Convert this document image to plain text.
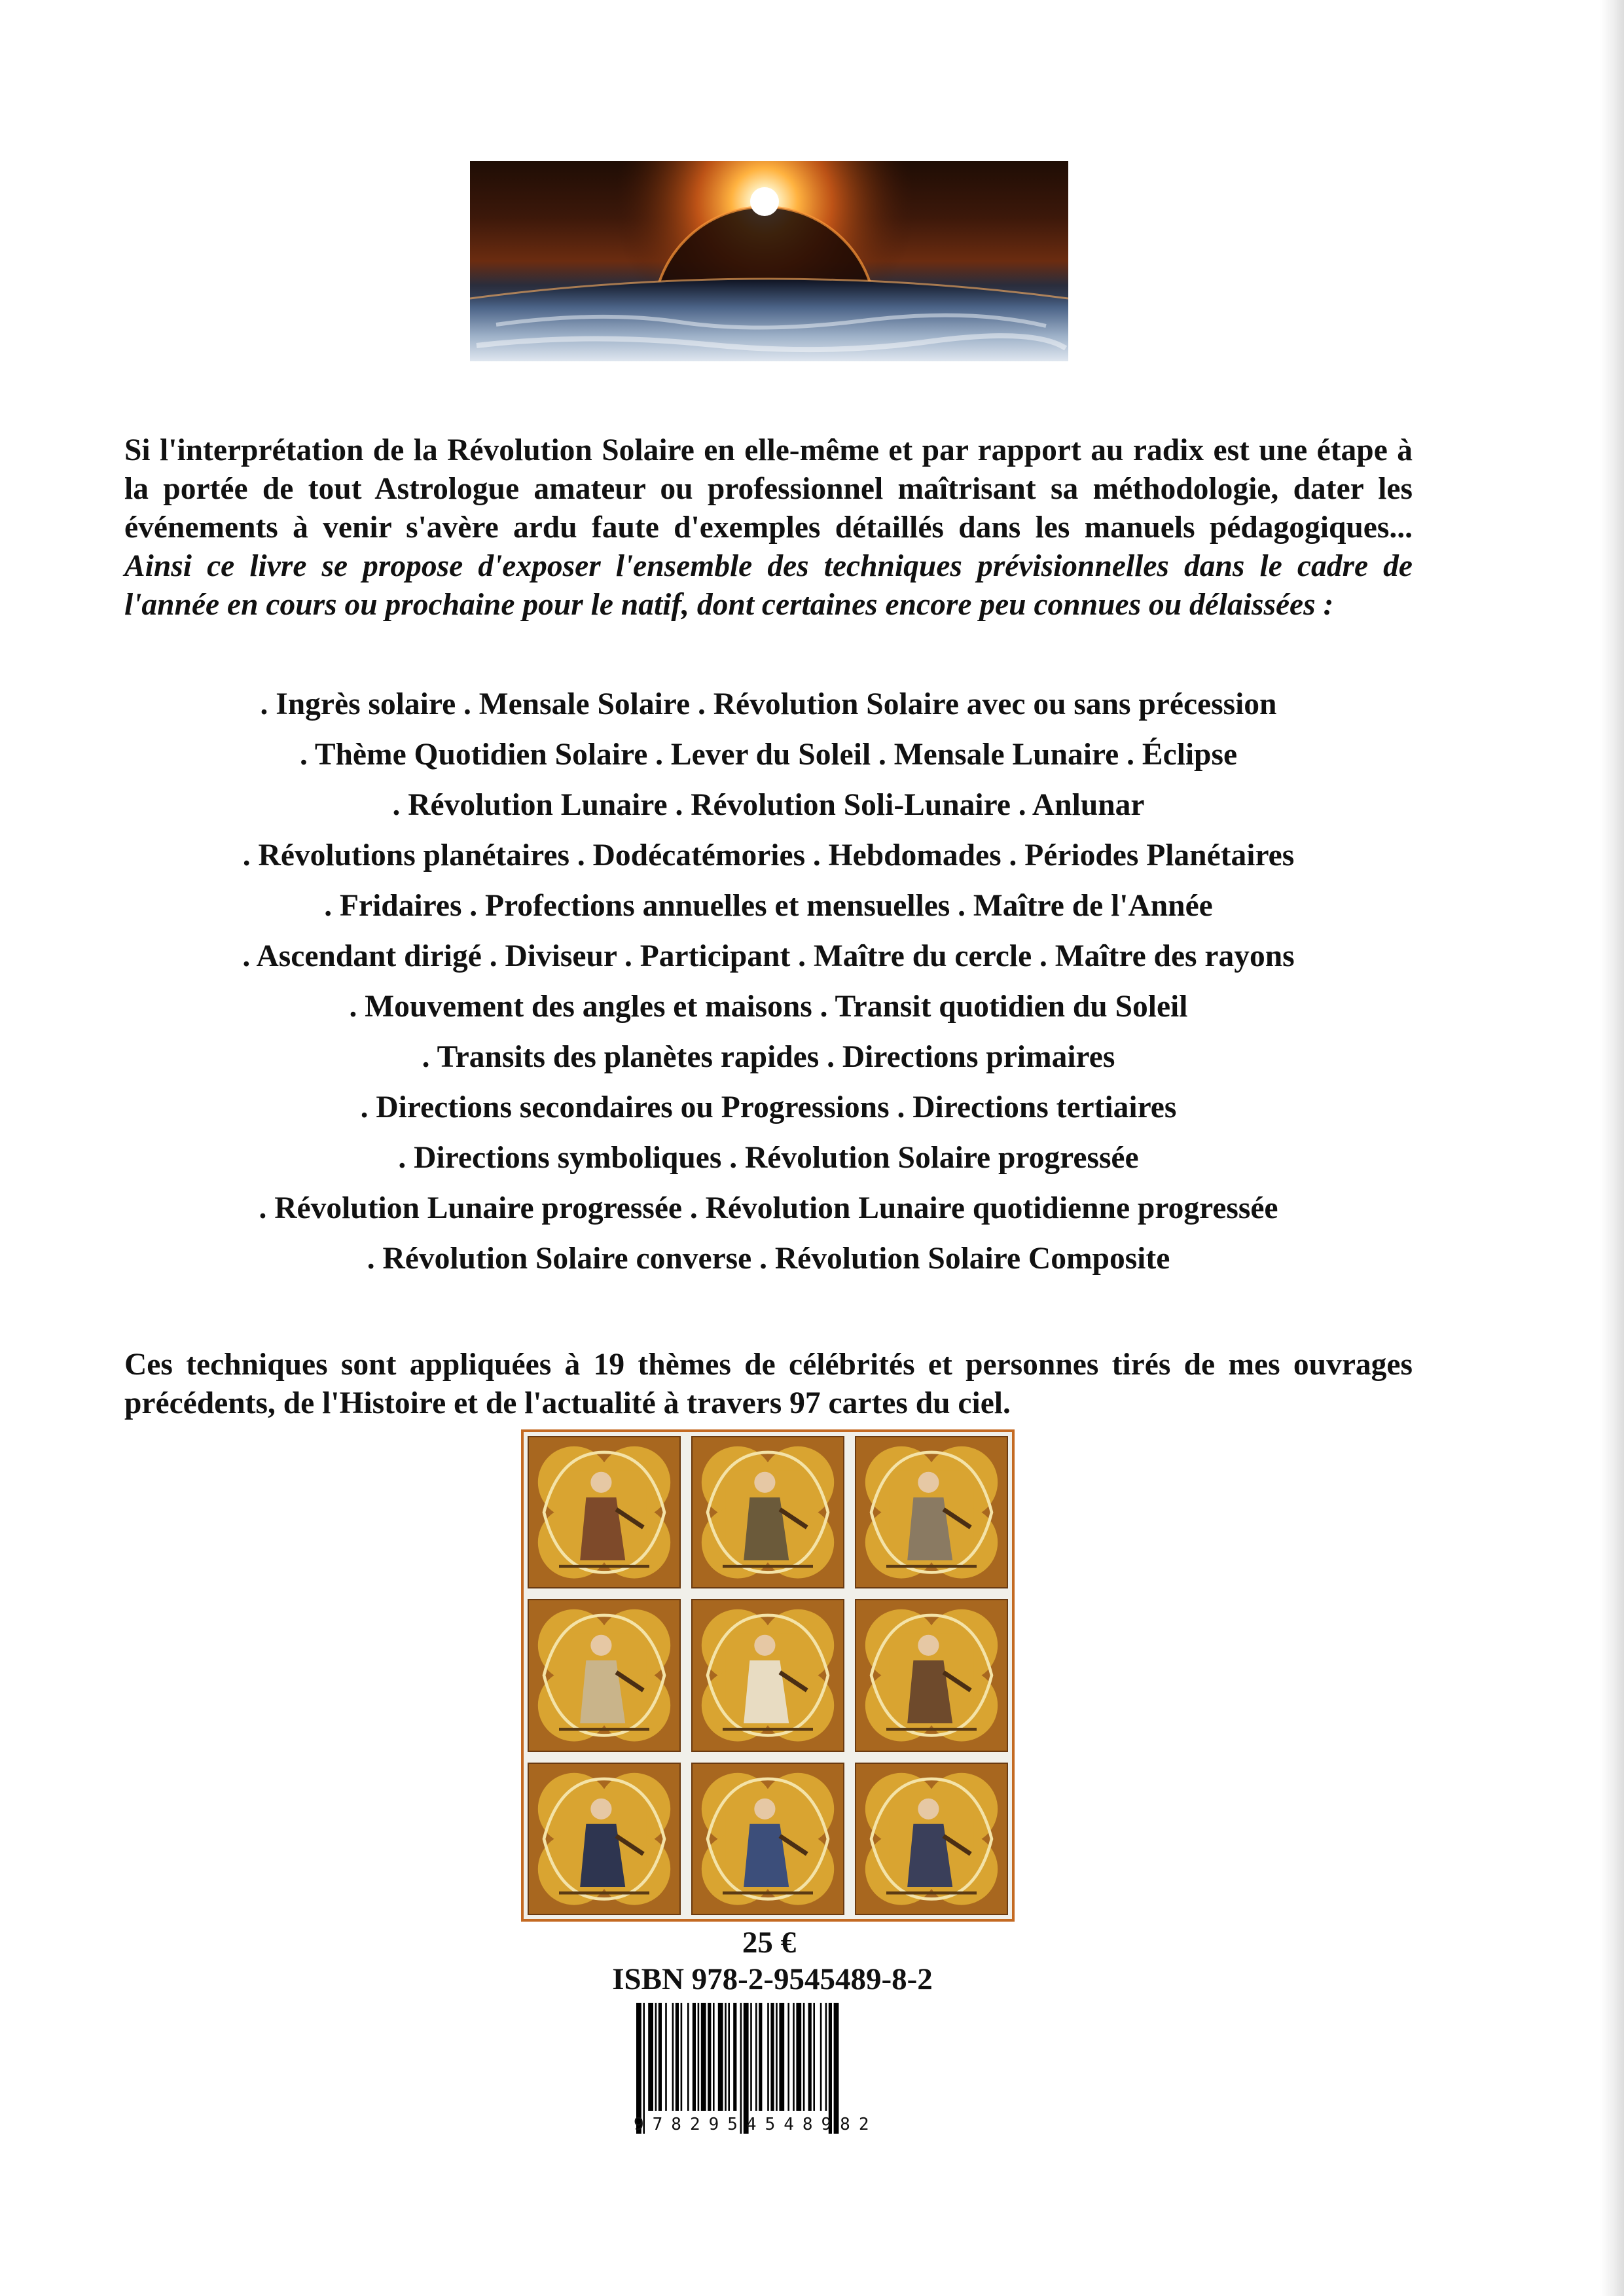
Si l'interprétation de la Révolution Solaire en elle-même et par rapport au radix est une étape à la portée de tout Astrologue amateur ou professionnel maîtrisant sa méthodologie, dater les événements à venir s'avère ardu faute d'exemples détaillés dans les manuels pédagogiques... Ainsi ce livre se propose d'exposer l'ensemble des techniques prévisionnelles dans le cadre de l'année en cours ou prochaine pour le natif, dont certaines encore peu connues ou délaissées :

. Ingrès solaire . Mensale Solaire . Révolution Solaire avec ou sans précession
. Thème Quotidien Solaire . Lever du Soleil . Mensale Lunaire . Éclipse
. Révolution Lunaire . Révolution Soli-Lunaire . Anlunar
. Révolutions planétaires . Dodécatémories . Hebdomades . Périodes Planétaires
. Fridaires . Profections annuelles et mensuelles . Maître de l'Année
. Ascendant dirigé . Diviseur . Participant . Maître du cercle . Maître des rayons
. Mouvement des angles et maisons . Transit quotidien du Soleil
. Transits des planètes rapides . Directions primaires
. Directions secondaires ou Progressions . Directions tertiaires
. Directions symboliques . Révolution Solaire progressée
. Révolution Lunaire progressée . Révolution Lunaire quotidienne progressée
. Révolution Solaire converse . Révolution Solaire Composite

Ces techniques sont appliquées à 19 thèmes de célébrités et personnes tirés de mes ouvrages précédents, de l'Histoire et de l'actualité à travers 97 cartes du ciel.

25 €
ISBN 978-2-9545489-8-2
9782954548982
